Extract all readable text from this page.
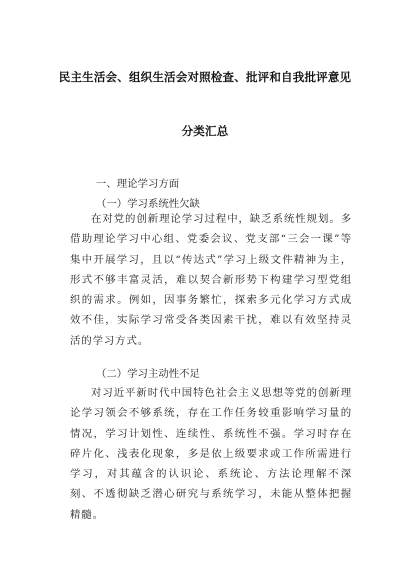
民主生活会、组织生活会对照检查、批评和自我批评意见
分类汇总
一、理论学习方面
（一）学习系统性欠缺
在对党的创新理论学习过程中，缺乏系统性规划。多借助理论学习中心组、党委会议、党支部“三会一课”等集中开展学习，且以“传达式”学习上级文件精神为主，形式不够丰富灵活，难以契合新形势下构建学习型党组织的需求。例如，因事务繁忙，探索多元化学习方式成效不佳，实际学习常受各类因素干扰，难以有效坚持灵活的学习方式。
（二）学习主动性不足
对习近平新时代中国特色社会主义思想等党的创新理论学习领会不够系统，存在工作任务较重影响学习量的情况，学习计划性、连续性、系统性不强。学习时存在碎片化、浅表化现象，多是依上级要求或工作所需进行学习，对其蕴含的认识论、系统论、方法论理解不深刻、不透彻缺乏潜心研究与系统学习，未能从整体把握精髓。
